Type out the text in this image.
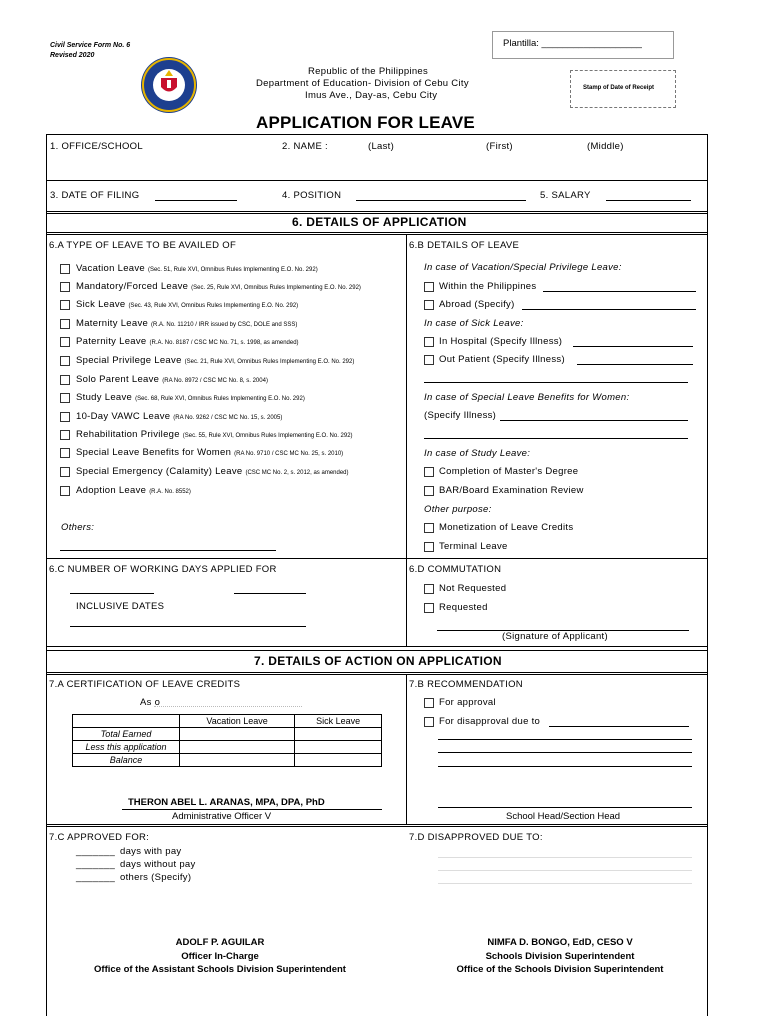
Civil Service Form No. 6
Revised 2020
Plantilla: ___________________
Stamp of Date of Receipt
Republic of the Philippines
Department of Education- Division of Cebu City
Imus Ave., Day-as, Cebu City
APPLICATION FOR LEAVE
1. OFFICE/SCHOOL	2. NAME :	(Last)	(First)	(Middle)
3. DATE OF FILING	4. POSITION	5. SALARY
6. DETAILS OF APPLICATION
6.A TYPE OF LEAVE TO BE AVAILED OF
Vacation Leave (Sec. 51, Rule XVI, Omnibus Rules Implementing E.O. No. 292)
Mandatory/Forced Leave (Sec. 25, Rule XVI, Omnibus Rules Implementing E.O. No. 292)
Sick Leave (Sec. 43, Rule XVI, Omnibus Rules Implementing E.O. No. 292)
Maternity Leave (R.A. No. 11210 / IRR issued by CSC, DOLE and SSS)
Paternity Leave (R.A. No. 8187 / CSC MC No. 71, s. 1998, as amended)
Special Privilege Leave (Sec. 21, Rule XVI, Omnibus Rules Implementing E.O. No. 292)
Solo Parent Leave (RA No. 8972 / CSC MC No. 8, s. 2004)
Study Leave (Sec. 68, Rule XVI, Omnibus Rules Implementing E.O. No. 292)
10-Day VAWC Leave (RA No. 9262 / CSC MC No. 15, s. 2005)
Rehabilitation Privilege (Sec. 55, Rule XVI, Omnibus Rules Implementing E.O. No. 292)
Special Leave Benefits for Women (RA No. 9710 / CSC MC No. 25, s. 2010)
Special Emergency (Calamity) Leave (CSC MC No. 2, s. 2012, as amended)
Adoption Leave (R.A. No. 8552)
Others:
6.B DETAILS OF LEAVE
In case of Vacation/Special Privilege Leave:
Within the Philippines
Abroad (Specify)
In case of Sick Leave:
In Hospital (Specify Illness)
Out Patient (Specify Illness)
In case of Special Leave Benefits for Women:
(Specify Illness)
In case of Study Leave:
Completion of Master's Degree
BAR/Board Examination Review
Other purpose:
Monetization of Leave Credits
Terminal Leave
6.C NUMBER OF WORKING DAYS APPLIED FOR
INCLUSIVE DATES
6.D COMMUTATION
Not Requested
Requested
(Signature of Applicant)
7. DETAILS OF ACTION ON APPLICATION
7.A CERTIFICATION OF LEAVE CREDITS
As o
	Vacation Leave	Sick Leave
Total Earned		
Less this application		
Balance		
THERON ABEL L. ARANAS, MPA, DPA, PhD
Administrative Officer V
7.B RECOMMENDATION
For approval
For disapproval due to
School Head/Section Head
7.C APPROVED FOR:
_______ days with pay
_______ days without pay
_______ others (Specify)
7.D DISAPPROVED DUE TO:
ADOLF P. AGUILAR
Officer In-Charge
Office of the Assistant Schools Division Superintendent
NIMFA D. BONGO, EdD, CESO V
Schools Division Superintendent
Office of the Schools Division Superintendent
